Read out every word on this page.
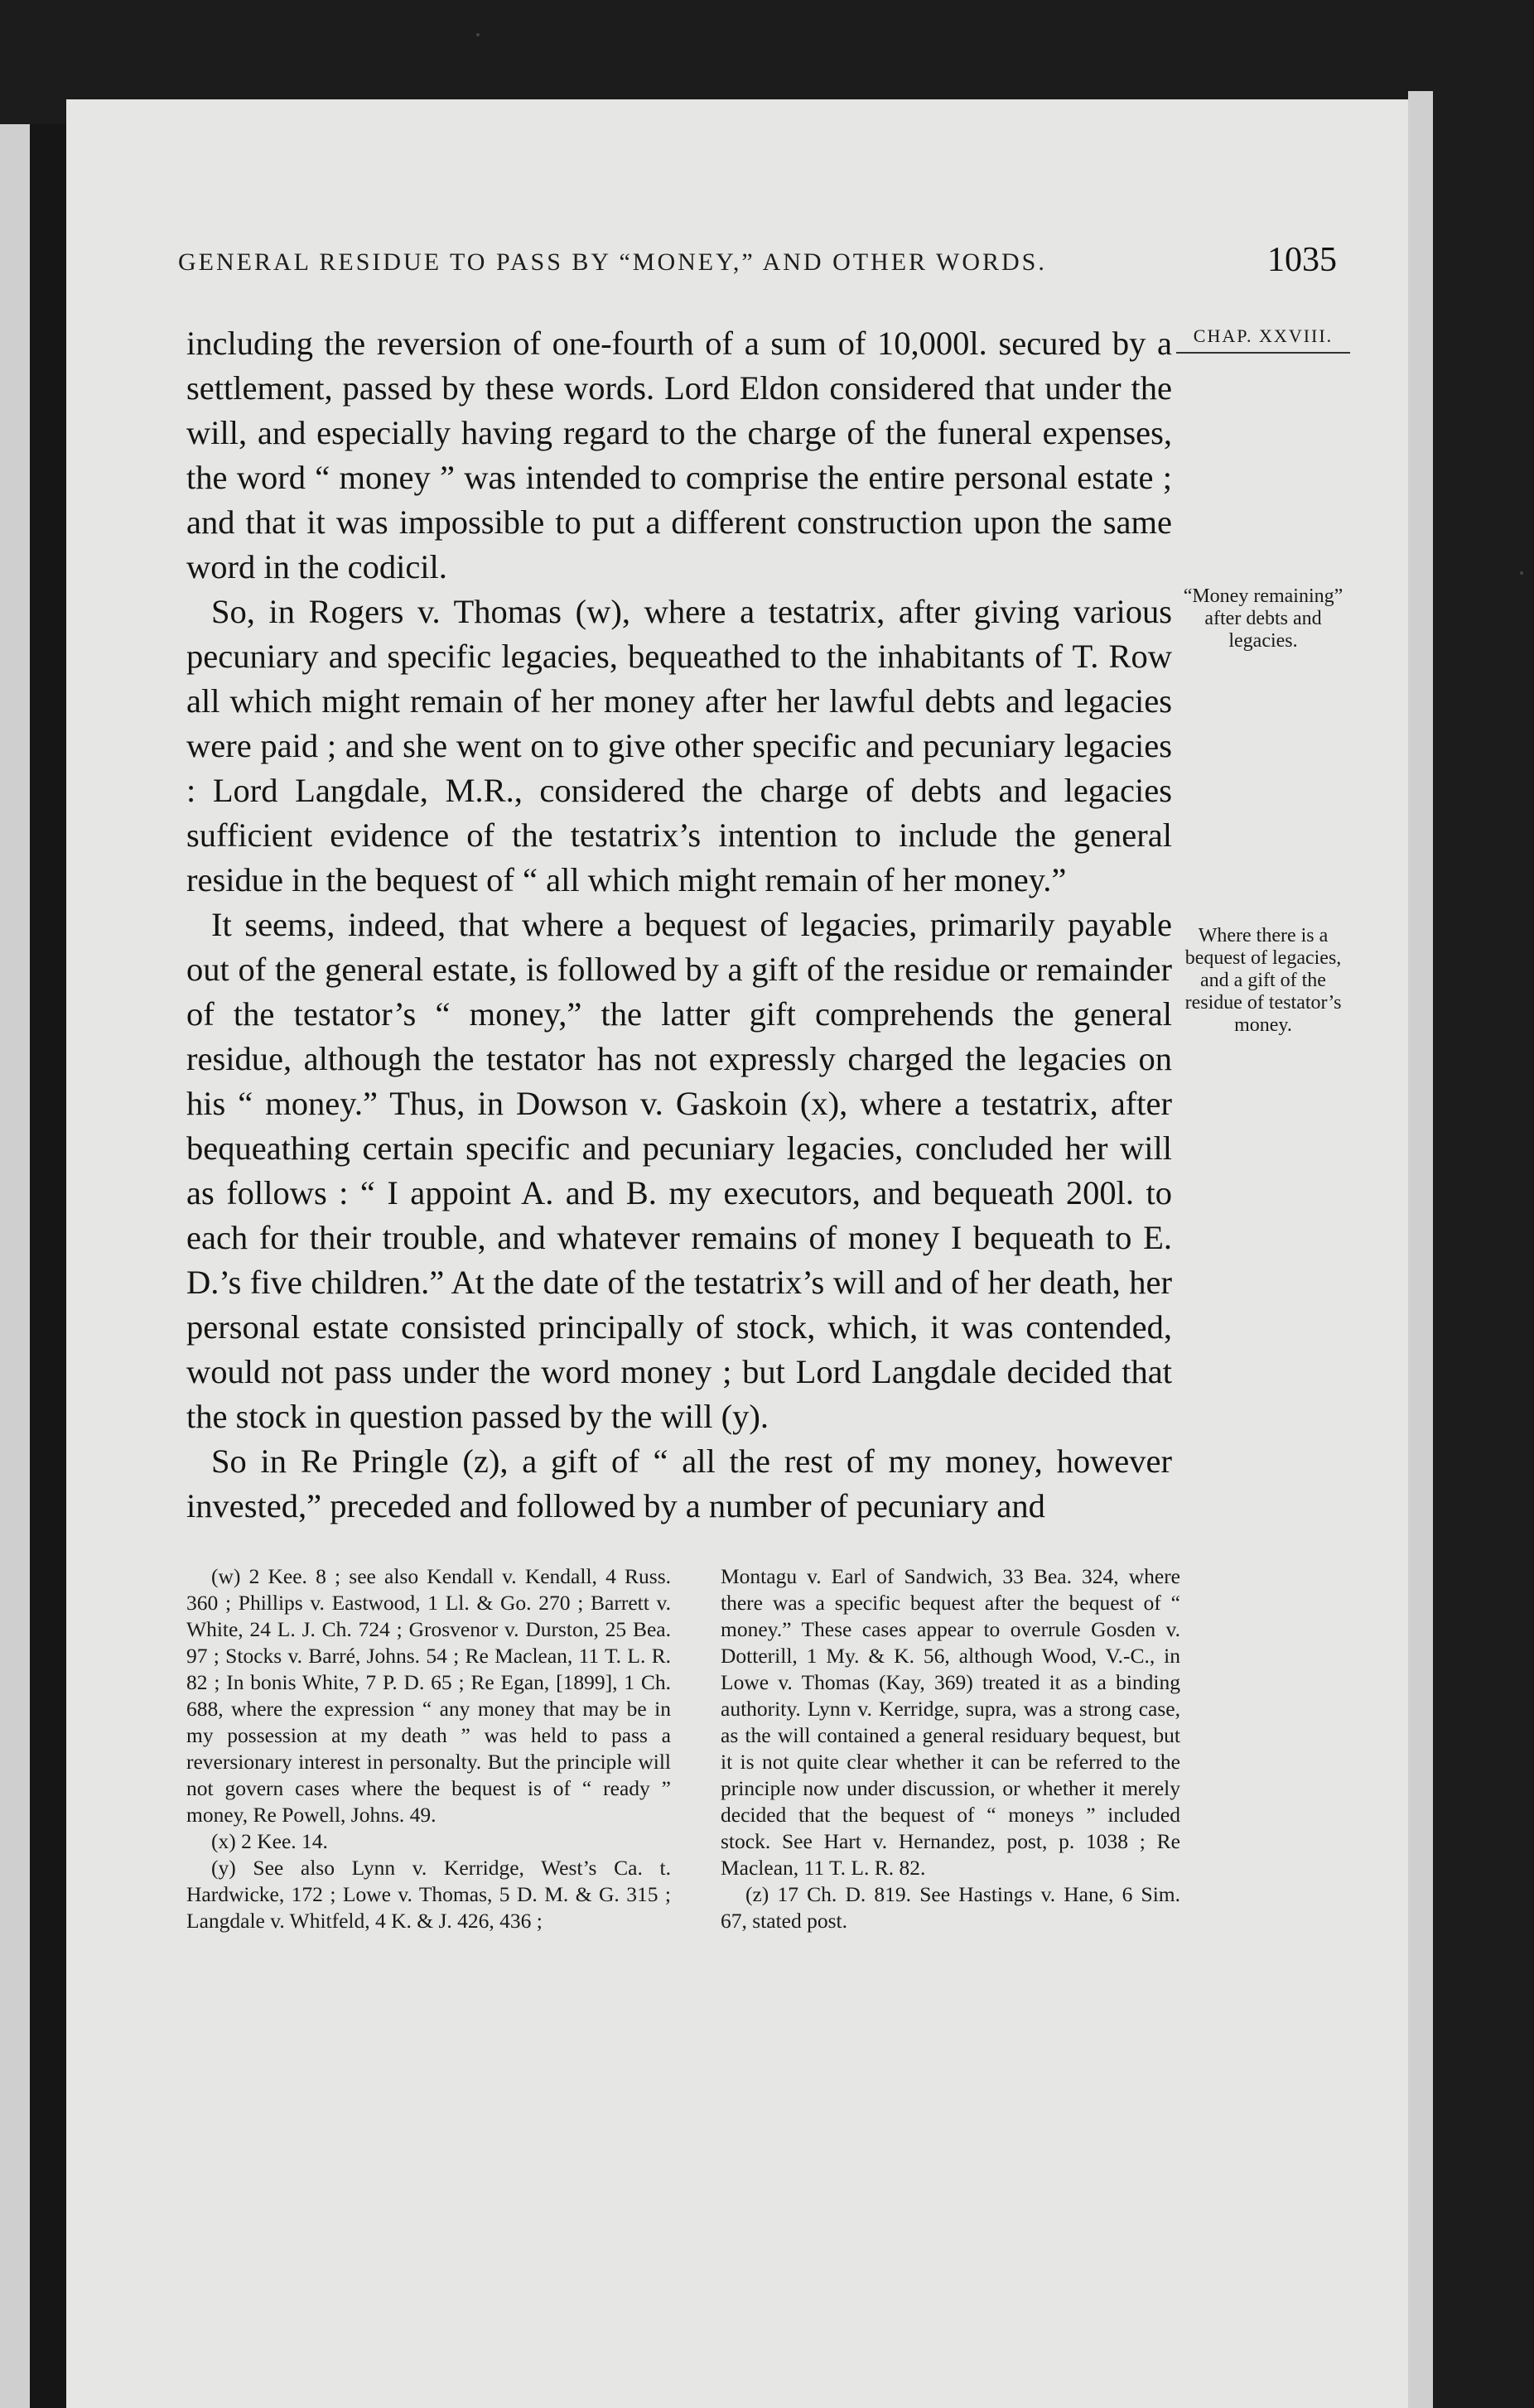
GENERAL RESIDUE TO PASS BY “MONEY,” AND OTHER WORDS.	1035

including the reversion of one-fourth of a sum of 10,000l. secured by a settlement, passed by these words. Lord Eldon considered that under the will, and especially having regard to the charge of the funeral expenses, the word “ money ” was intended to comprise the entire personal estate ; and that it was impossible to put a different construction upon the same word in the codicil.

So, in Rogers v. Thomas (w), where a testatrix, after giving various pecuniary and specific legacies, bequeathed to the inhabitants of T. Row all which might remain of her money after her lawful debts and legacies were paid ; and she went on to give other specific and pecuniary legacies : Lord Langdale, M.R., considered the charge of debts and legacies sufficient evidence of the testatrix’s intention to include the general residue in the bequest of “ all which might remain of her money.”

It seems, indeed, that where a bequest of legacies, primarily payable out of the general estate, is followed by a gift of the residue or remainder of the testator’s “ money,” the latter gift comprehends the general residue, although the testator has not expressly charged the legacies on his “ money.” Thus, in Dowson v. Gaskoin (x), where a testatrix, after bequeathing certain specific and pecuniary legacies, concluded her will as follows : “ I appoint A. and B. my executors, and bequeath 200l. to each for their trouble, and whatever remains of money I bequeath to E. D.’s five children.” At the date of the testatrix’s will and of her death, her personal estate consisted principally of stock, which, it was contended, would not pass under the word money ; but Lord Langdale decided that the stock in question passed by the will (y).

So in Re Pringle (z), a gift of “ all the rest of my money, however invested,” preceded and followed by a number of pecuniary and

CHAP. XXVIII.
“Money remaining” after debts and legacies.
Where there is a bequest of legacies, and a gift of the residue of testator’s money.

(w) 2 Kee. 8 ; see also Kendall v. Kendall, 4 Russ. 360 ; Phillips v. Eastwood, 1 Ll. & Go. 270 ; Barrett v. White, 24 L. J. Ch. 724 ; Grosvenor v. Durston, 25 Bea. 97 ; Stocks v. Barré, Johns. 54 ; Re Maclean, 11 T. L. R. 82 ; In bonis White, 7 P. D. 65 ; Re Egan, [1899], 1 Ch. 688, where the expression “ any money that may be in my possession at my death ” was held to pass a reversionary interest in personalty. But the principle will not govern cases where the bequest is of “ ready ” money, Re Powell, Johns. 49.

(x) 2 Kee. 14.

(y) See also Lynn v. Kerridge, West’s Ca. t. Hardwicke, 172 ; Lowe v. Thomas, 5 D. M. & G. 315 ; Langdale v. Whitfeld, 4 K. & J. 426, 436 ;

Montagu v. Earl of Sandwich, 33 Bea. 324, where there was a specific bequest after the bequest of “ money.” These cases appear to overrule Gosden v. Dotterill, 1 My. & K. 56, although Wood, V.-C., in Lowe v. Thomas (Kay, 369) treated it as a binding authority. Lynn v. Kerridge, supra, was a strong case, as the will contained a general residuary bequest, but it is not quite clear whether it can be referred to the principle now under discussion, or whether it merely decided that the bequest of “ moneys ” included stock. See Hart v. Hernandez, post, p. 1038 ; Re Maclean, 11 T. L. R. 82.

(z) 17 Ch. D. 819. See Hastings v. Hane, 6 Sim. 67, stated post.
